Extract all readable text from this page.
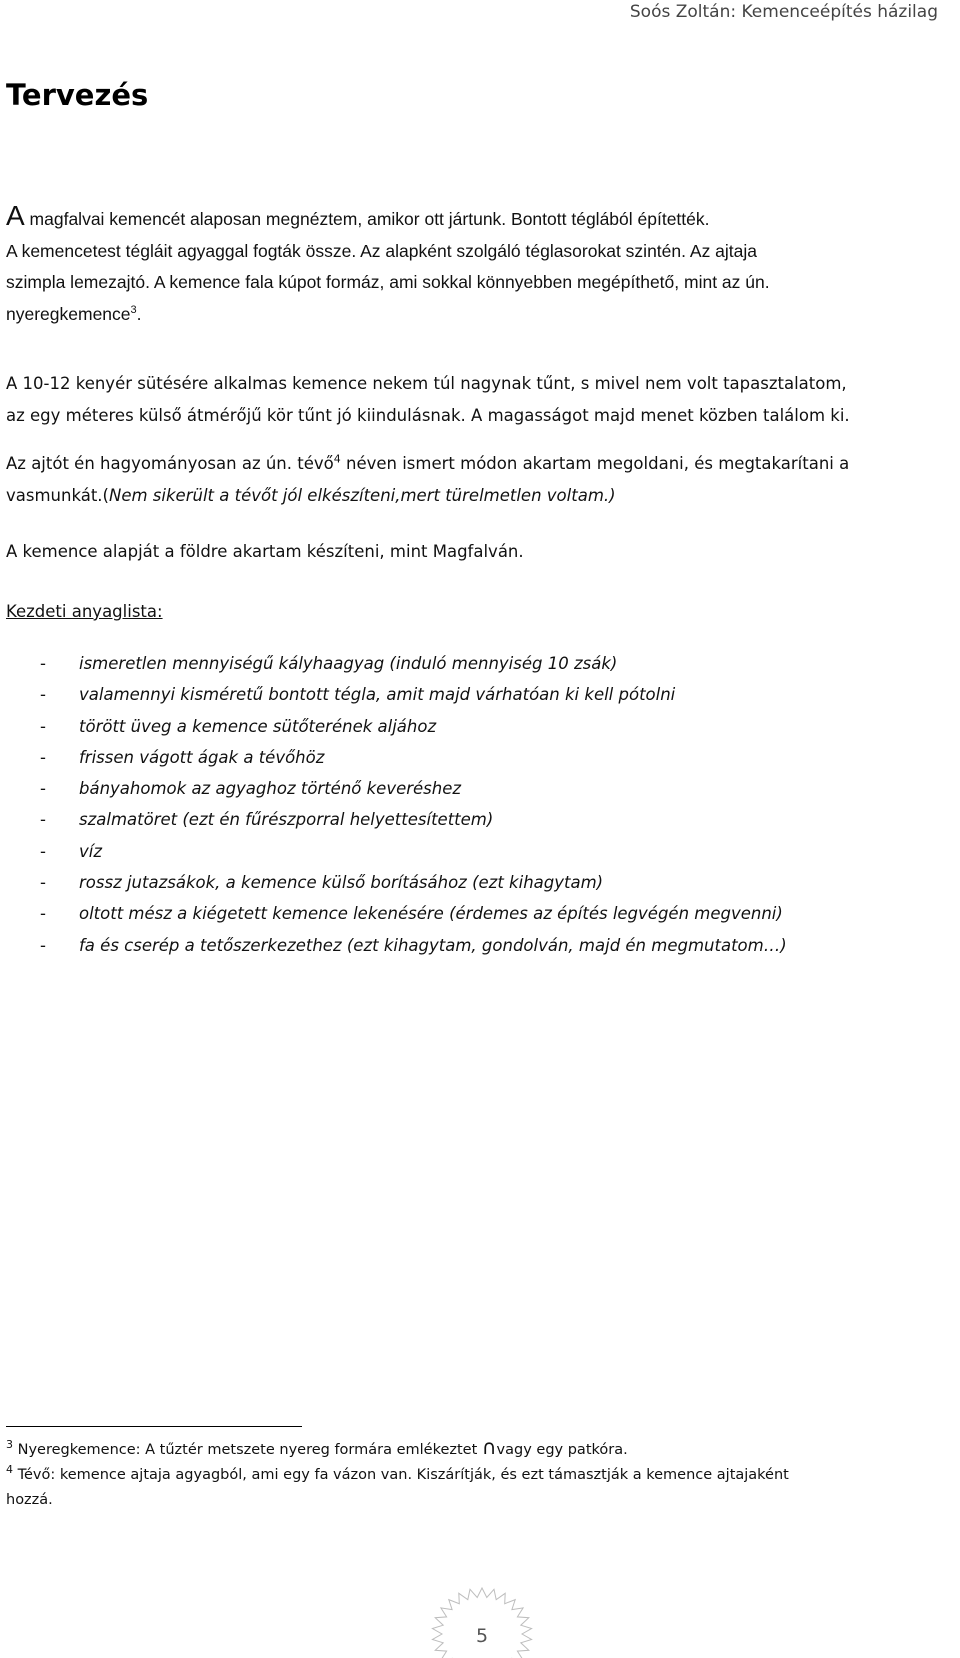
Soós Zoltán: Kemenceépítés házilag
Tervezés
A magfalvai kemencét alaposan megnéztem, amikor ott jártunk. Bontott téglából építették.
A kemencetest tégláit agyaggal fogták össze. Az alapként szolgáló téglasorokat szintén. Az ajtaja
szimpla lemezajtó. A kemence fala kúpot formáz, ami sokkal könnyebben megépíthető, mint az ún.
nyeregkemence$^3$.
A 10-12 kenyér sütésére alkalmas kemence nekem túl nagynak tűnt, s mivel nem volt tapasztalatom,
az egy méteres külső átmérőjű kör tűnt jó kiindulásnak. A magasságot majd menet közben találom ki.
Az ajtót én hagyományosan az ún. tévő$^4$ néven ismert módon akartam megoldani, és megtakarítani a
vasmunkát.(Nem sikerült a tévőt jól elkészíteni,mert türelmetlen voltam.)
A kemence alapját a földre akartam készíteni, mint Magfalván.
Kezdeti anyaglista:
- ismeretlen mennyiségű kályhaagyag (induló mennyiség 10 zsák)
- valamennyi kisméretű bontott tégla, amit majd várhatóan ki kell pótolni
- törött üveg a kemence sütőterének aljához
- frissen vágott ágak a tévőhöz
- bányahomok az agyaghoz történő keveréshez
- szalmatöret (ezt én fűrészporral helyettesítettem)
- víz
- rossz jutazsákok, a kemence külső borításához (ezt kihagytam)
- oltott mész a kiégetett kemence lekenésére (érdemes az építés legvégén megvenni)
- fa és cserép a tetőszerkezethez (ezt kihagytam, gondolván, majd én megmutatom…)

$^3$ Nyeregkemence: A tűztér metszete nyereg formára emlékeztet ∩vagy egy patkóra.

$^4$ Tévő: kemence ajtaja agyagból, ami egy fa vázon van. Kiszárítják, és ezt támasztják a kemence ajtajaként

hozzá.

5
